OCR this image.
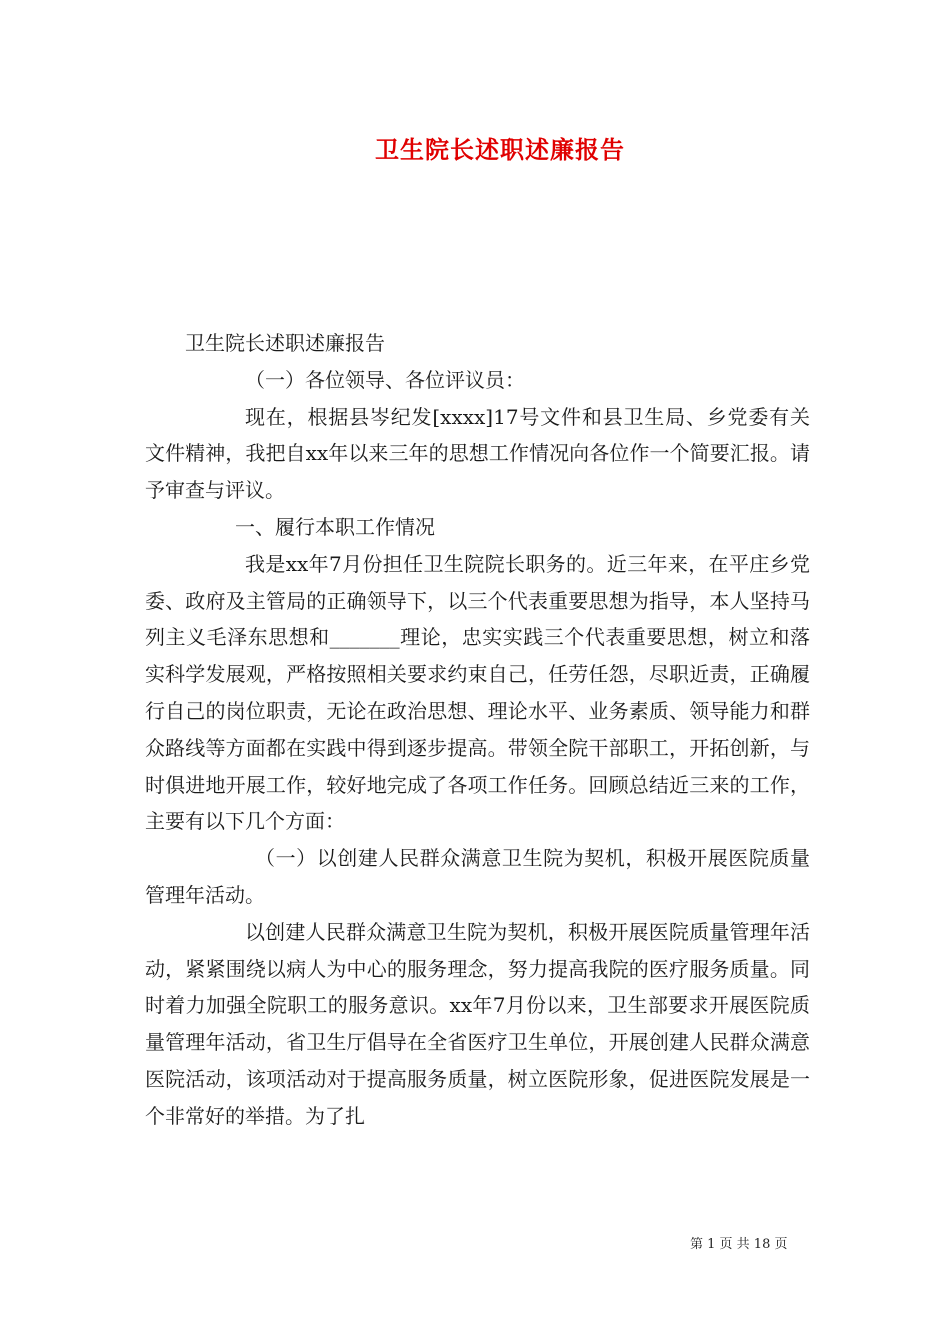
卫生院长述职述廉报告

卫生院长述职述廉报告

（一）各位领导、各位评议员：

现在，根据县岑纪发[xxxx]17号文件和县卫生局、乡党委有关文件精神，我把自xx年以来三年的思想工作情况向各位作一个简要汇报。请予审查与评议。

一、履行本职工作情况

我是xx年7月份担任卫生院院长职务的。近三年来，在平庄乡党委、政府及主管局的正确领导下，以三个代表重要思想为指导，本人坚持马列主义毛泽东思想和_______理论，忠实实践三个代表重要思想，树立和落实科学发展观，严格按照相关要求约束自己，任劳任怨，尽职近责，正确履行自己的岗位职责，无论在政治思想、理论水平、业务素质、领导能力和群众路线等方面都在实践中得到逐步提高。带领全院干部职工，开拓创新，与时俱进地开展工作，较好地完成了各项工作任务。回顾总结近三来的工作，主要有以下几个方面：

（一）以创建人民群众满意卫生院为契机，积极开展医院质量管理年活动。

以创建人民群众满意卫生院为契机，积极开展医院质量管理年活动，紧紧围绕以病人为中心的服务理念，努力提高我院的医疗服务质量。同时着力加强全院职工的服务意识。xx年7月份以来，卫生部要求开展医院质量管理年活动，省卫生厅倡导在全省医疗卫生单位，开展创建人民群众满意医院活动，该项活动对于提高服务质量，树立医院形象，促进医院发展是一个非常好的举措。为了扎

第 1 页 共 18 页
